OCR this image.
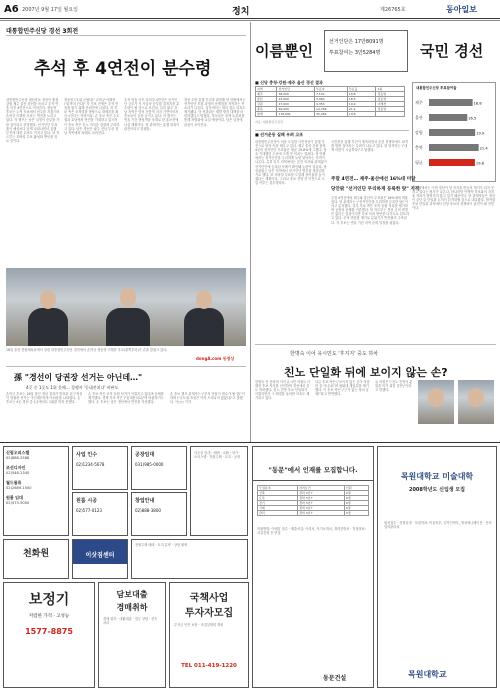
A6 2007년 9월 17일 월요일	정치	제26765호	동아일보
대통합민주신당 경선 3회전
추석 후 4연전이 분수령
대통합민주신당 대선후보 경선이 충청 강원 제주 울산 경선을 마치고 추석 연휴 이후 4연전으로 이어진다. 정동영 후보는 누적 득표에서 선두를 지켰으며 손학규 이해찬 후보는 역전을 노리고 있다. 각 캠프는 남은 일정이 승부를 가를 것이라고 전망했다. 선거인단 투표율이 예상보다 낮게 나타나면서 흥행 부진에 대한 우려도 커지고 있다. 당 지도부는 모바일 투표 활성화 방안을 검토 중이다.
정동영 \"1위 굳혔다\" 손학규·이해찬 \"끝까지 간다\" 각 후보 진영은 추석 민심을 잡기 위해 총력전에 나섰다. 정 후보 측은 조직력을 바탕으로 대세론을 확산시킨다는 전략이다. 손 후보 측은 수도권과 호남에서 반전을 기대하고 있으며 이 후보 측은 친노 지지층 결집에 주력하고 있다. 남은 경선은 광주 전남 부산 경남 지역에서 차례로 치러진다.
추석 연휴 이후 치러질 4연전은 선거인단 규모가 커 사실상 승부를 결정지을 분수령이 될 것으로 보인다. 특히 광주 전남 지역은 당의 전통적 지지 기반이어서 후보들이 공을 들이고 있다. 각 캠프는 연휴 기간 귀성객을 상대로 한 홍보전에 나설 계획이다. 당 관계자는 흥행 회복이 관건이라고 말했다.
경선 초반 흥행 부진과 관련해 당 안팎에서는 선거인단 모집 과정의 문제점을 지적하는 목소리가 나온다. 일부에서는 대리 접수 의혹도 제기됐다. 당 선관위는 재발 방지 대책을 마련하겠다고 밝혔다. 후보들은 정책 토론회를 통해 차별화에 나설 예정이다. 남은 일정에 관심이 모아진다.
16일 울산 종합체육관에서 열린 대통합민주신당 경선에서 손학규 정동영 이해찬 후보(왼쪽부터)가 손을 맞잡고 있다.
dongA.com 동영상
孫 "경선이 당권장 선거는 아닌데…"
4곳 중 1곳도 1위 못해… 경쟁자 '동네잔치냐' 비판도
손학규 후보는 16일 울산 경선 결과가 발표된 뒤 \"경선이 당권장 선거는 아닌데\"라며 아쉬움을 나타냈다. 손 후보는 4곳 경선 중 1곳에서도 1위를 하지 못했다.
손 후보 측은 조직 동원 선거가 이뤄지고 있다며 문제를 제기했다. 경쟁 후보 측은 \"동네잔치냐\"며 비판하기도 했다. 손 후보는 남은 경선에서 반전을 자신했다.
손 후보 캠프 관계자는 \"추석 민심이 변수가 될 것\"이라며 \"수도권 표심은 아직 드러나지 않았다\"고 말했다. 이○○ 기자
이름뿐인	선거인단은 17만8091명
투표참여는 3만5284명	국민 경선
■ 신당 충청·강원·제주 울산 경선 결과
지역	선거인단	투표자	투표율	1위
제주	38,000	7,143	18.8	정동영
울산	24,000	3,960	16.5	정동영
강원	47,000	9,353	19.9	이해찬
충북	69,000	14,766	21.4	정동영
합계	178,091	35,284	19.8	
자료: 대통합민주신당
대통합민주신당 투표참여율
제주	18.8
울산	16.5
강원	19.9
충북	21.4
평균	19.8
■ 선거운동 실패 우려 고조
대통합민주신당이 처음 도입한 국민경선이 흥행 부진으로 당의 속을 태우고 있다. 제주 울산 강원 충북 4곳의 선거인단 투표율은 평균 19.8%에 그쳤다. 당초 기대했던 수준에 크게 못 미치는 결과다. 당 안팎에서는 선거인단을 무리하게 늘린 탓이라는 지적이 나온다. 특히 일부 지역에서는 본인 의사와 관계없이 선거인단에 등록된 사례가 확인돼 논란이 일었다. 당 선관위는 남은 지역에서 선거인단 명부를 재점검하기로 했다. 또 모바일 투표를 도입해 참여율을 높이겠다는 계획이다. 그러나 후보 진영 간 이견으로 도입 여부는 불투명하다.
국민경선 흥행 부진이 계속되면서 본선 경쟁력에도 타격을 받을 것이라는 우려가 나오고 있다. 한 당직자는 \"대책 마련이 시급하다\"고 말했다.
주말 4연전… 제주·울산에선 16%대 미달
당안팎 "선거인단 무리하게 등록한 탓" 지적
주말 4연전에서 제주와 울산의 투표율은 16%대에 머물렀다. 당 관계자는 \"선거인단을 무리하게 등록한 탓\"이라고 분석했다. 일부 후보 측은 조직 동원 의혹을 제기하며 공정성 문제를 거론했다. 당 지도부는 경선 규칙 변경은 없다는 입장이지만 투표 독려 방안을 다각도로 검토하고 있다. 추석 연휴를 계기로 분위기가 반전될지 주목된다. 각 후보는 연휴 기간 지역 순회 일정을 잡았다.
정치권에서는 이번 경선이 당 지지율 반등의 계기가 되지 못하고 있다는 평가가 나온다. 한나라당 이명박 후보와의 지지율 격차가 좁혀지지 않고 있기 때문이다. 당 관계자들은 경선이 끝난 뒤 단일화 논의가 본격화될 것으로 내다봤다. 범여권 후보 단일화 과정에서 신당 후보의 경쟁력이 관건이 될 전망이다.
한명숙 이어 유시민도 '후지지' 중도 하차
친노 단일화 뒤에 보이지 않는 손?
한명숙 전 총리에 이어 유시민 의원도 이해찬 후보 지지를 선언하며 경선에서 중도 하차했다. 친노 진영 후보 단일화가 이뤄지면서 그 배경을 둘러싼 의혹도 제기되고 있다.
다른 후보 측은 \"보이지 않는 손이 작용한 것 아니냐\"며 청와대 개입설을 제기했다. 이 후보 측은 \"근거 없는 정치 공세\"라고 반박했다.
유 의원은 \"친노 진영의 분열을 막기 위한 결단\"이라고 말했다.
신림오피스텔
02)888-2588
조선디자인
02)548-2340
월드물류
02)2689-1500
원룸 임대
02)575-5000
사업 인수
02)1234-5678
원룸 시공
02)577-0123
공장임대
031)985-0000
창업안내
02)888-3800
사무실 임대 · 매매 · 교환 · 상가 · 오피스텔 · 전원주택 · 토지 · 공장
천화원	이삿짐센터
전원주택 매매 · 토지 분양 · 상담 환영
보정기
저렴한 가격 · 고성능
1577-8875
담보대출
경매취하
경매 취하 · 대환대출 · 법무 상담 · 신속 처리
국책사업
투자자모집
투자금 안전 보장 · 사업설명회 개최
TEL 011-419-1220
"동문"에서 인재를 모집합니다.
모집분야	자격요건	인원
건축	경력 3년↑	0명
토목	경력 3년↑	0명
전기	경력 3년↑	0명
기계	경력 3년↑	0명
관리	경력 3년↑	0명
지원방법: 이메일 접수 · 제출서류: 이력서, 자기소개서, 경력증명서 · 전형절차: 서류전형 후 면접
동문건설
목원대학교 미술대학
2008학년도 신입생 모집
원서접수 · 전형일정 · 모집학과: 미술학부, 디자인학부, 영상애니메이션 · 문의 입학관리처
목원대학교
